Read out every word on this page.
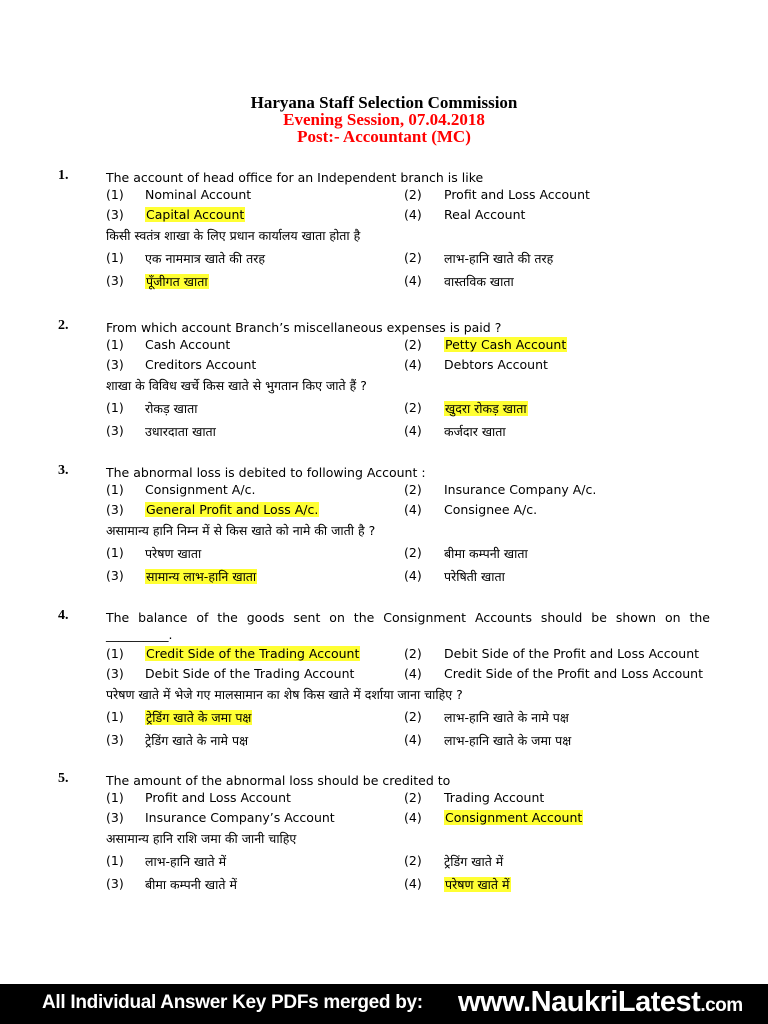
Haryana Staff Selection Commission
Evening Session, 07.04.2018
Post:- Accountant (MC)
1.	The account of head office for an Independent branch is like
(1) Nominal Account	(2) Profit and Loss Account
(3) Capital Account	(4) Real Account
किसी स्वतंत्र शाखा के लिए प्रधान कार्यालय खाता होता है
(1) एक नाममात्र खाते की तरह	(2) लाभ-हानि खाते की तरह
(3) पूँजीगत खाता	(4) वास्तविक खाता
2.	From which account Branch’s miscellaneous expenses is paid ?
(1) Cash Account	(2) Petty Cash Account
(3) Creditors Account	(4) Debtors Account
शाखा के विविध खर्चे किस खाते से भुगतान किए जाते हैं ?
(1) रोकड़ खाता	(2) खुदरा रोकड़ खाता
(3) उधारदाता खाता	(4) कर्जदार खाता
3.	The abnormal loss is debited to following Account :
(1) Consignment A/c.	(2) Insurance Company A/c.
(3) General Profit and Loss A/c.	(4) Consignee A/c.
असामान्य हानि निम्न में से किस खाते को नामे की जाती है ?
(1) परेषण खाता	(2) बीमा कम्पनी खाता
(3) सामान्य लाभ-हानि खाता	(4) परेषिती खाता
4.	The balance of the goods sent on the Consignment Accounts should be shown on the
__________.
(1) Credit Side of the Trading Account	(2) Debit Side of the Profit and Loss Account
(3) Debit Side of the Trading Account	(4) Credit Side of the Profit and Loss Account
परेषण खाते में भेजे गए मालसामान का शेष किस खाते में दर्शाया जाना चाहिए ?
(1) ट्रेडिंग खाते के जमा पक्ष	(2) लाभ-हानि खाते के नामे पक्ष
(3) ट्रेडिंग खाते के नामे पक्ष	(4) लाभ-हानि खाते के जमा पक्ष
5.	The amount of the abnormal loss should be credited to
(1) Profit and Loss Account	(2) Trading Account
(3) Insurance Company’s Account	(4) Consignment Account
असामान्य हानि राशि जमा की जानी चाहिए
(1) लाभ-हानि खाते में	(2) ट्रेडिंग खाते में
(3) बीमा कम्पनी खाते में	(4) परेषण खाते में
All Individual Answer Key PDFs merged by: www.NaukriLatest.com
